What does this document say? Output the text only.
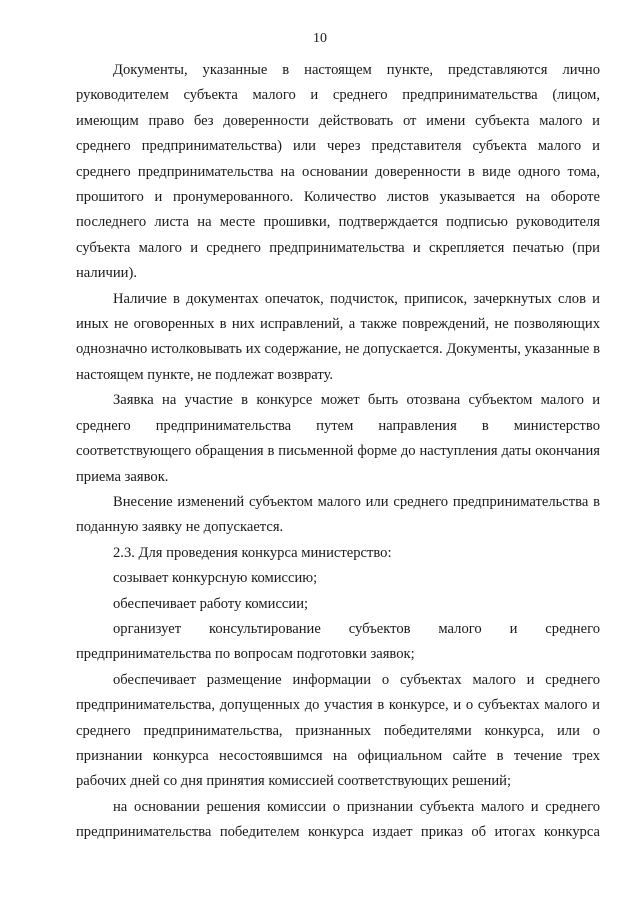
10

Документы, указанные в настоящем пункте, представляются лично руководителем субъекта малого и среднего предпринимательства (лицом, имеющим право без доверенности действовать от имени субъекта малого и среднего предпринимательства) или через представителя субъекта малого и среднего предпринимательства на основании доверенности в виде одного тома, прошитого и пронумерованного. Количество листов указывается на обороте последнего листа на месте прошивки, подтверждается подписью руководителя субъекта малого и среднего предпринимательства и скрепляется печатью (при наличии).

Наличие в документах опечаток, подчисток, приписок, зачеркнутых слов и иных не оговоренных в них исправлений, а также повреждений, не позволяющих однозначно истолковывать их содержание, не допускается. Документы, указанные в настоящем пункте, не подлежат возврату.

Заявка на участие в конкурсе может быть отозвана субъектом малого и среднего предпринимательства путем направления в министерство соответствующего обращения в письменной форме до наступления даты окончания приема заявок.

Внесение изменений субъектом малого или среднего предпринимательства в поданную заявку не допускается.

2.3. Для проведения конкурса министерство:

созывает конкурсную комиссию;

обеспечивает работу комиссии;

организует консультирование субъектов малого и среднего предпринимательства по вопросам подготовки заявок;

обеспечивает размещение информации о субъектах малого и среднего предпринимательства, допущенных до участия в конкурсе, и о субъектах малого и среднего предпринимательства, признанных победителями конкурса, или о признании конкурса несостоявшимся на официальном сайте в течение трех рабочих дней со дня принятия комиссией соответствующих решений;

на основании решения комиссии о признании субъекта малого и среднего предпринимательства победителем конкурса издает приказ об итогах конкурса
